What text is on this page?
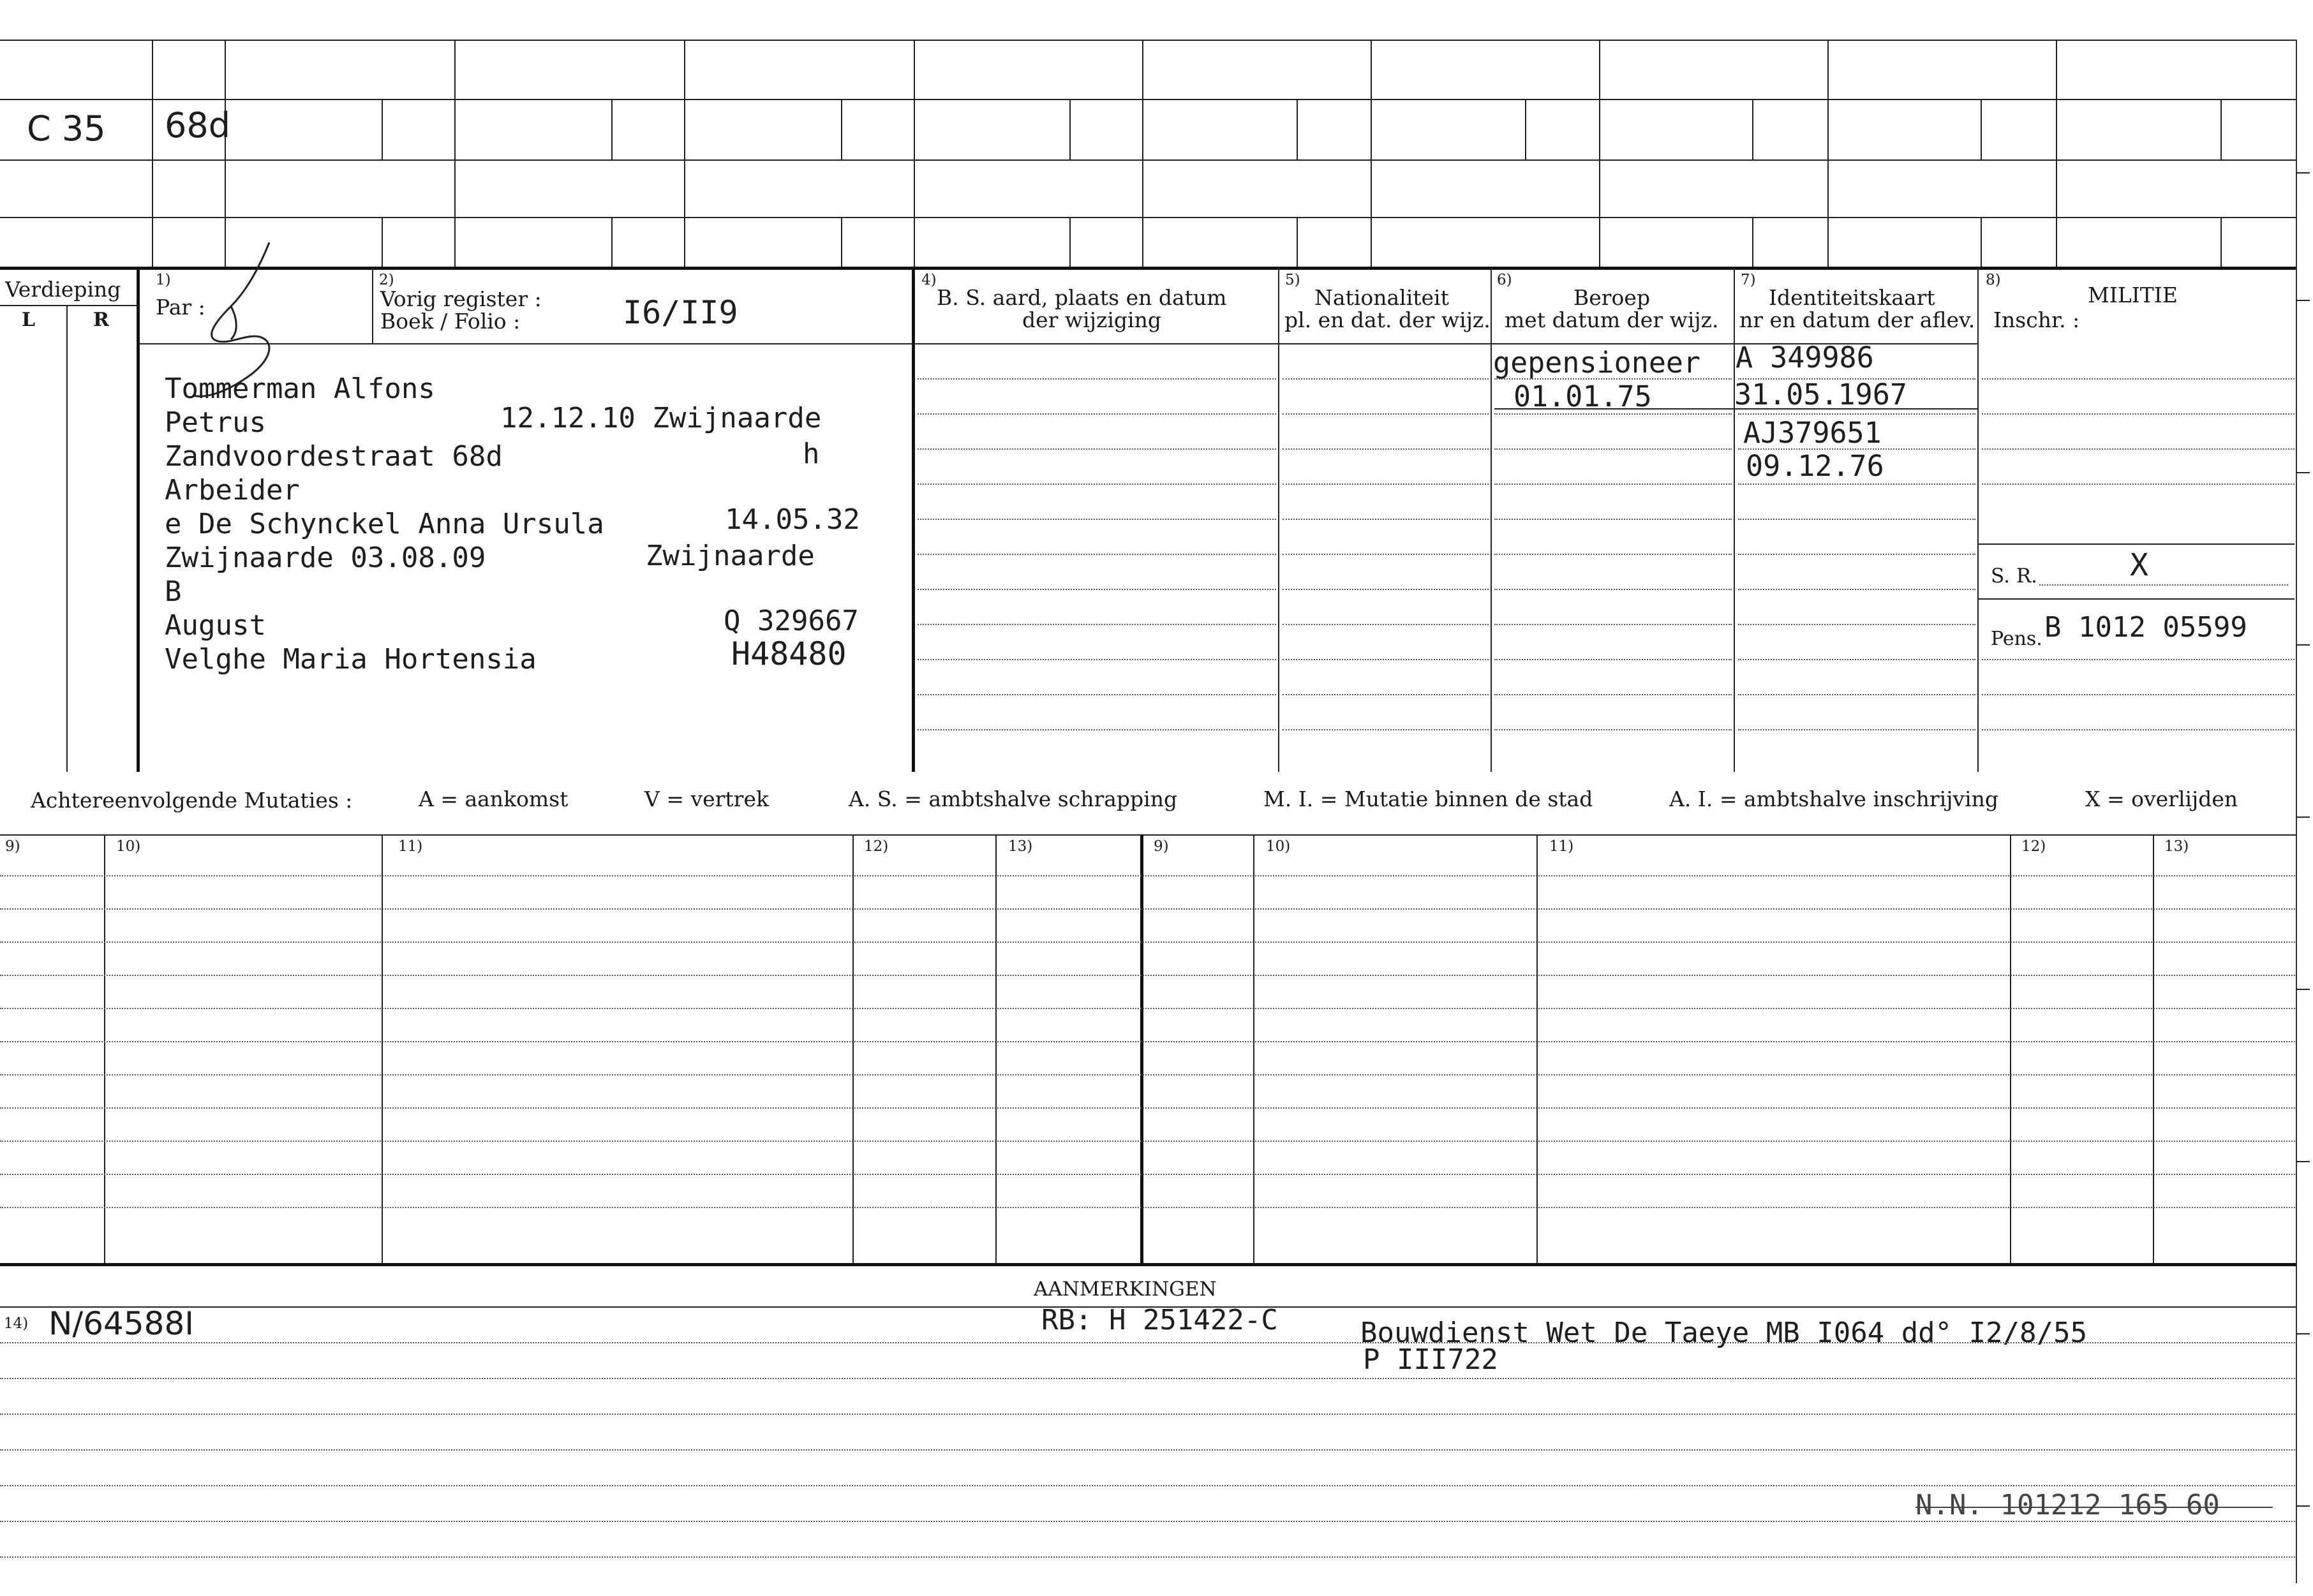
C 35 68d
Verdieping
L	R
1)
Par :
2)
Vorig register :
Boek / Folio :	I6/II9
4)
B. S. aard, plaats en datum
der wijziging
5)
Nationaliteit
pl. en dat. der wijz.
6)
Beroep
met datum der wijz.
7)
Identiteitskaart
nr en datum der aflev.
8)
MILITIE
Inschr. :
Tommerman Alfons
Petrus	12.12.10 Zwijnaarde
Zandvoordestraat 68d	h
Arbeider
e De Schynckel Anna Ursula	14.05.32
Zwijnaarde 03.08.09	Zwijnaarde
B
August	Q 329667
Velghe Maria Hortensia	H48480
gepensioneer
01.01.75
A 349986
31.05.1967
AJ379651
09.12.76
S. R.	X
Pens. B 1012 05599
Achtereenvolgende Mutaties :	A = aankomst	V = vertrek	A. S. = ambtshalve schrapping	M. I. = Mutatie binnen de stad	A. I. = ambtshalve inschrijving	X = overlijden
9)	10)	11)	12)	13)	9)	10)	11)	12)	13)
AANMERKINGEN
14) N/64588I	RB: H 251422-C	Bouwdienst Wet De Taeye MB I064 dd° I2/8/55
P III722
N.N. 101212 165 60
